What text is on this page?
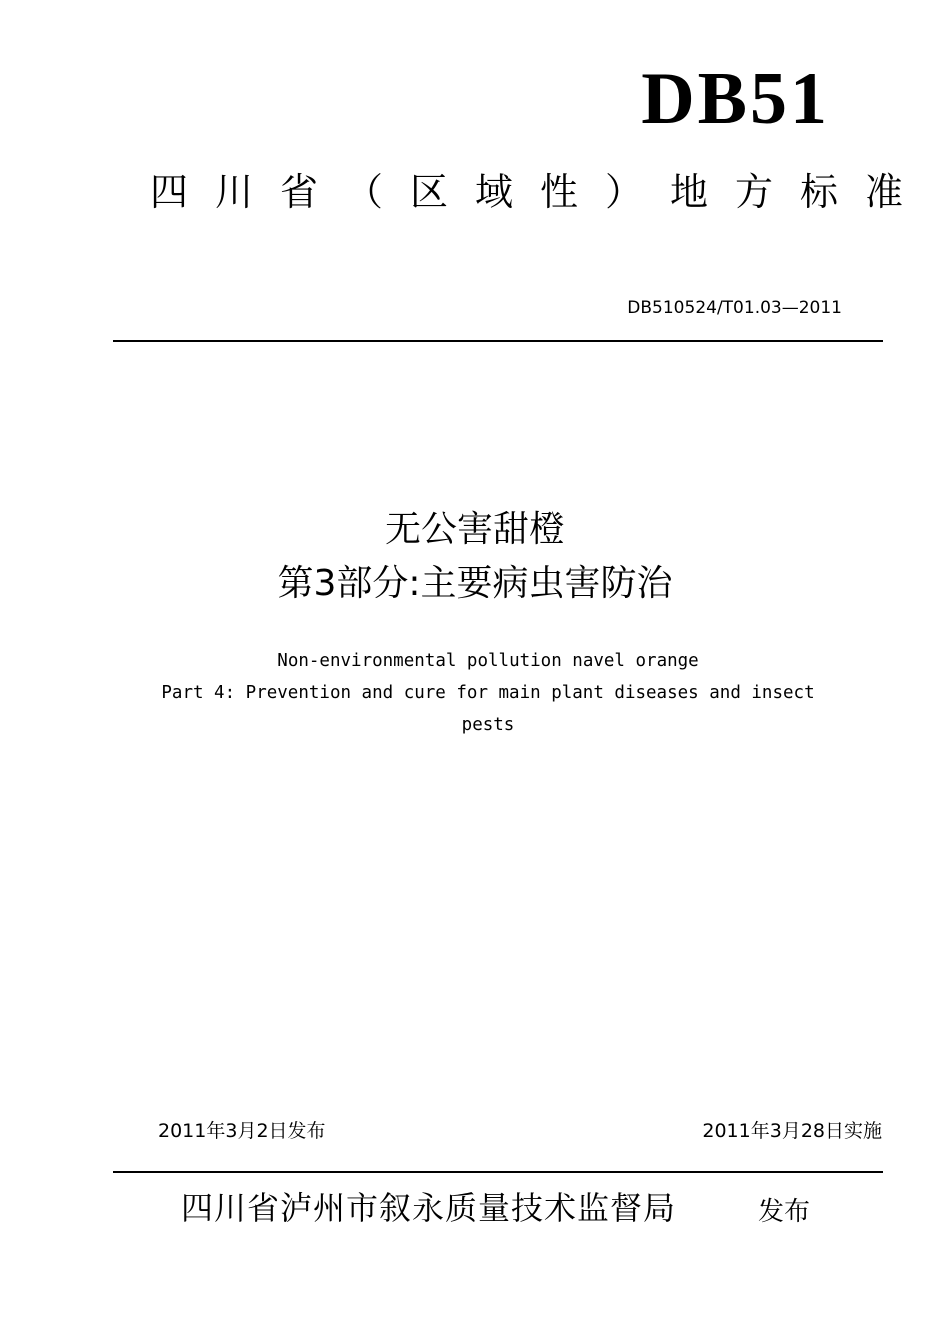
DB51
四川省（区域性）地方标准
DB510524/T01.03—2011
无公害甜橙
第3部分:主要病虫害防治
Non-environmental pollution navel orange
Part 4: Prevention and cure for main plant diseases and insect pests
2011年3月2日发布	2011年3月28日实施
四川省泸州市叙永质量技术监督局	发布
